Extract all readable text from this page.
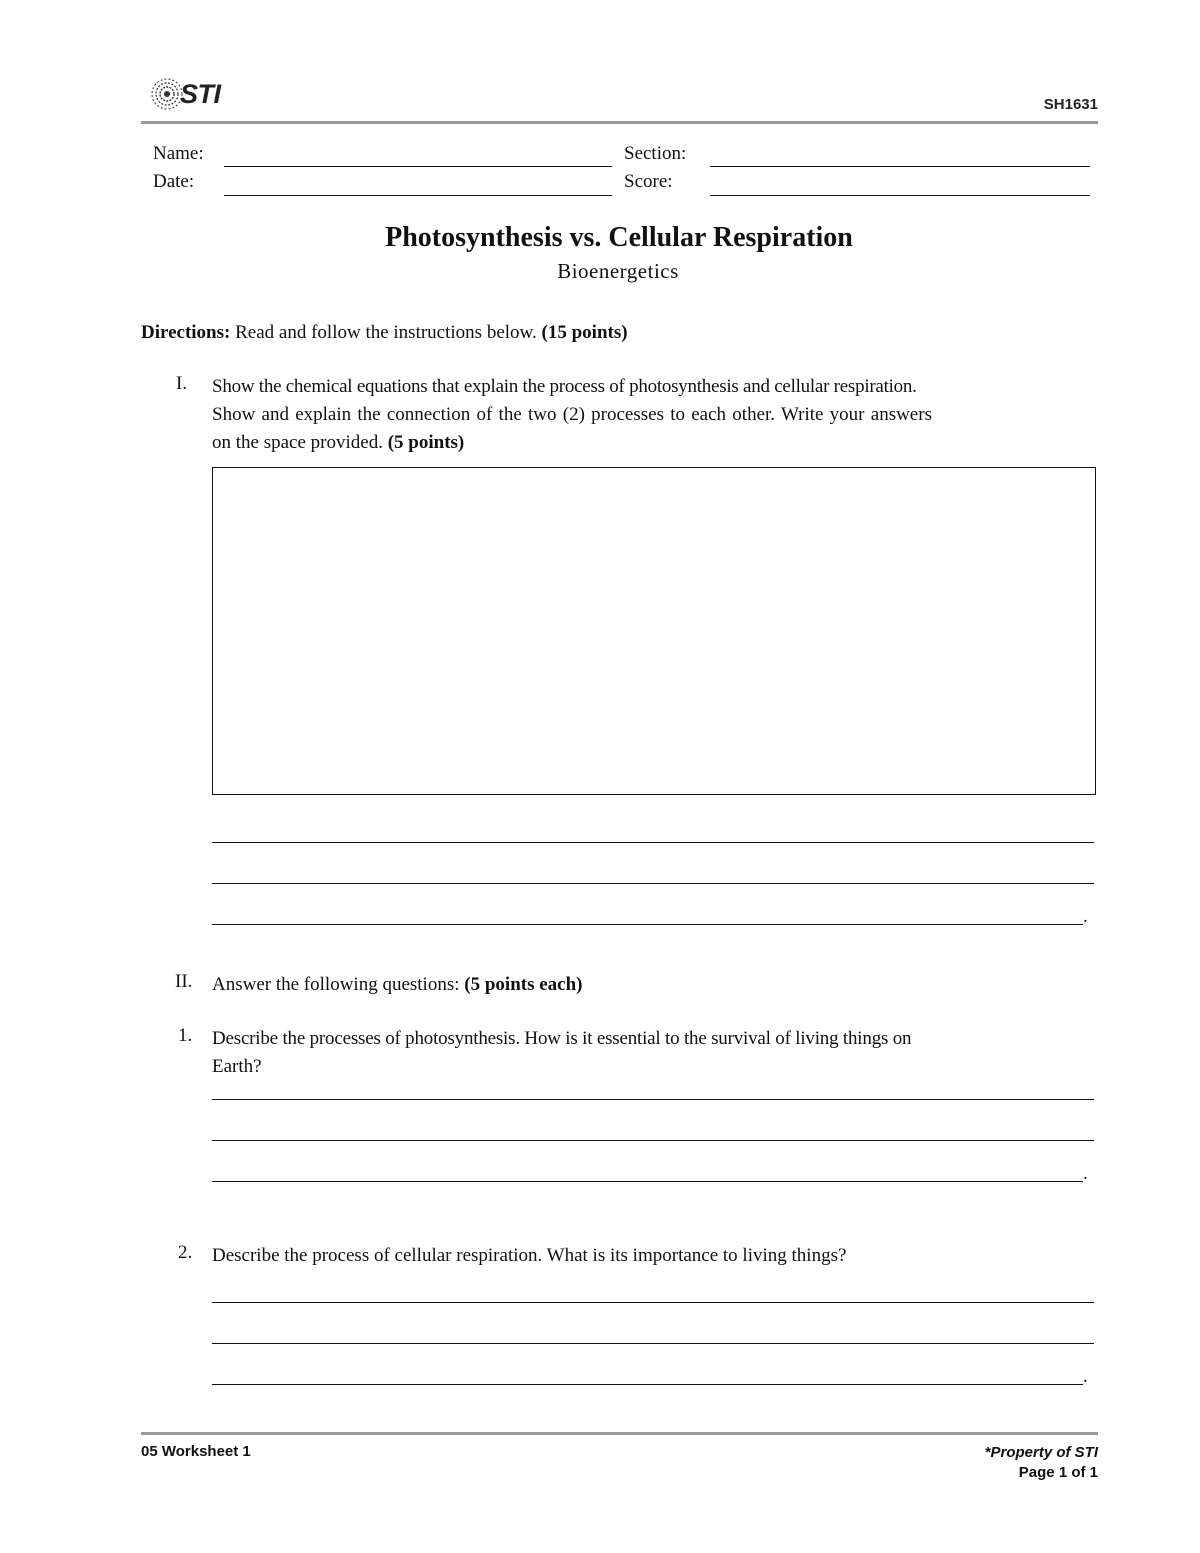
STI	SH1631
Name:	Section:
Date:	Score:
Photosynthesis vs. Cellular Respiration
Bioenergetics
Directions: Read and follow the instructions below. (15 points)
I. Show the chemical equations that explain the process of photosynthesis and cellular respiration.
Show and explain the connection of the two (2) processes to each other. Write your answers
on the space provided. (5 points)
.
II. Answer the following questions: (5 points each)
1. Describe the processes of photosynthesis. How is it essential to the survival of living things on
Earth?
.
2. Describe the process of cellular respiration. What is its importance to living things?
.
05 Worksheet 1	*Property of STI
Page 1 of 1
